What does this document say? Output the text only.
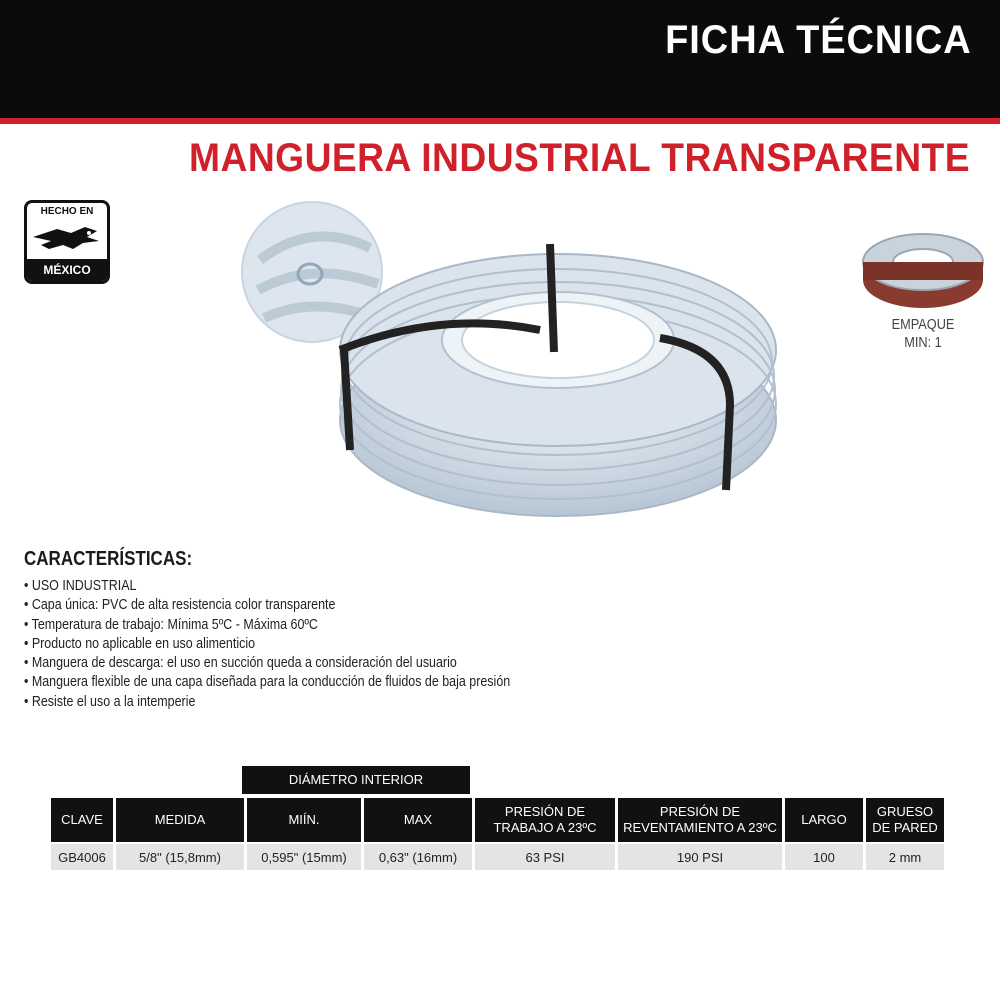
FICHA TÉCNICA
MANGUERA INDUSTRIAL TRANSPARENTE
HECHO EN
MÉXICO
EMPAQUE
MIN: 1
CARACTERÍSTICAS:
• USO INDUSTRIAL
• Capa única: PVC de alta resistencia color transparente
• Temperatura de trabajo: Mínima 5ºC - Máxima 60ºC
• Producto no aplicable en uso alimenticio
• Manguera de descarga: el uso en succión queda a consideración del usuario
• Manguera flexible de una capa diseñada para la conducción de fluidos de baja presión
• Resiste el uso a la intemperie
DIÁMETRO INTERIOR
CLAVE	MEDIDA	MIÍN.	MAX	PRESIÓN DE TRABAJO A 23ºC	PRESIÓN DE REVENTAMIENTO A 23ºC	LARGO	GRUESO DE PARED
GB4006	5/8" (15,8mm)	0,595" (15mm)	0,63" (16mm)	63 PSI	190 PSI	100	2 mm
